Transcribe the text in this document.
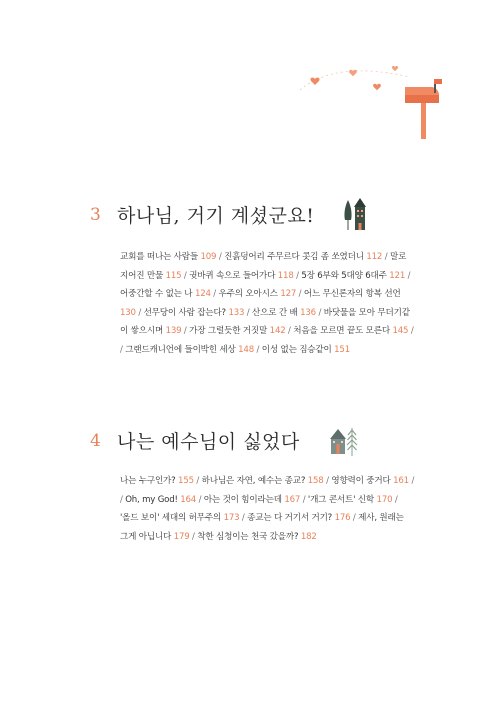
3 하나님, 거기 계셨군요!
교회를 떠나는 사람들 109 / 진흙덩어리 주무르다 콧김 좀 쏘였더니 112 / 말로
지어진 만물 115 / 귓바퀴 속으로 들어가다 118 / 5장 6부와 5대양 6대주 121 /
어중간할 수 없는 나 124 / 우주의 오아시스 127 / 어느 무신론자의 항복 선언
130 / 선무당이 사람 잡는다? 133 / 산으로 간 배 136 / 바닷물을 모아 무더기같
이 쌓으시며 139 / 가장 그럴듯한 거짓말 142 / 처음을 모르면 끝도 모른다 145 /
/ 그랜드캐니언에 들이박힌 세상 148 / 이성 없는 짐승같이 151
4 나는 예수님이 싫었다
나는 누구인가? 155 / 하나님은 자연, 예수는 종교? 158 / 영향력이 중거다 161 /
/ Oh, my God! 164 / 아는 것이 힘이라는데 167 / '개그 콘서트' 신학 170 /
'올드 보이' 세대의 허무주의 173 / 종교는 다 거기서 거기? 176 / 제사, 원래는
그게 아닙니다 179 / 착한 심청이는 천국 갔을까? 182
